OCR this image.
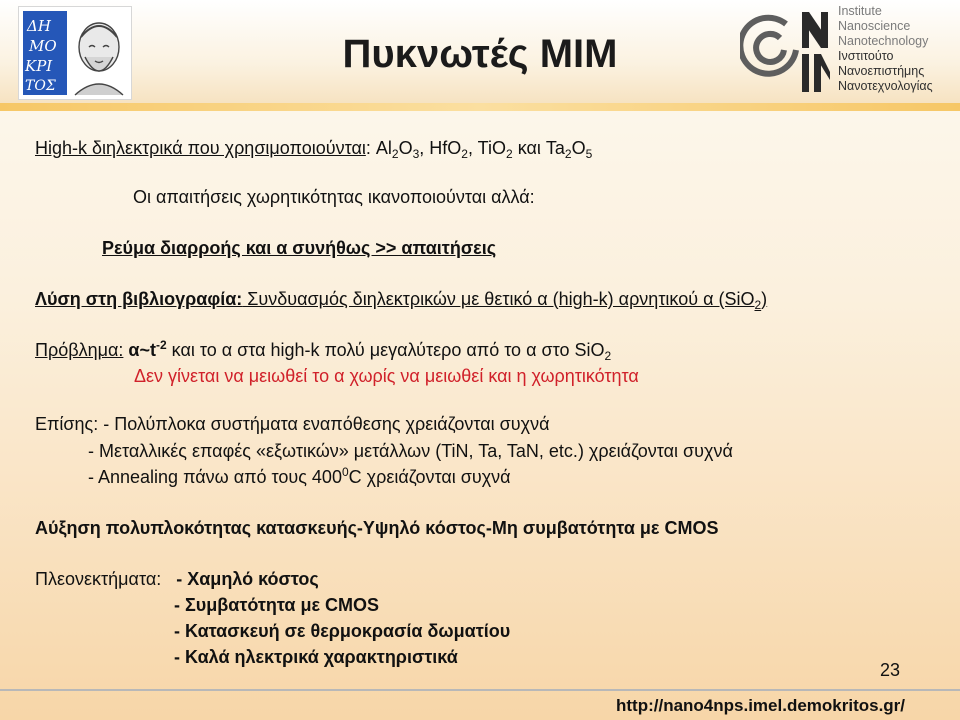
ΔΗ
ΜΟ
ΚΡΙ
ΤΟΣ
Πυκνωτές MIM
Institute
Nanoscience
Nanotechnology
Ινστιτούτο
Νανοεπιστήμης
Νανοτεχνολογίας
High-k διηλεκτρικά που χρησιμοποιούνται: $Al_2O_3$, HfO$_2$, TiO$_2$ και $Ta_2O_5$
Οι απαιτήσεις χωρητικότητας ικανοποιούνται αλλά:
Ρεύμα διαρροής και α συνήθως >> απαιτήσεις
Λύση στη βιβλιογραφία: Συνδυασμός διηλεκτρικών με θετικό α (high-k) αρνητικού α (SiO$_2$)
Πρόβλημα: $\alpha\sim t^{-2}$ και το α στα high-k πολύ μεγαλύτερο από το α στο SiO$_2$
Δεν γίνεται να μειωθεί το α χωρίς να μειωθεί και η χωρητικότητα
Επίσης: - Πολύπλοκα συστήματα εναπόθεσης χρειάζονται συχνά
- Μεταλλικές επαφές «εξωτικών» μετάλλων (TiN, Ta, TaN, etc.) χρειάζονται συχνά
- Annealing πάνω από τους $400^0C$ χρειάζονται συχνά
Αύξηση πολυπλοκότητας κατασκευής-Υψηλό κόστος-Μη συμβατότητα με CMOS
Πλεονεκτήματα:   - Χαμηλό κόστος
- Συμβατότητα με CMOS
- Κατασκευή σε θερμοκρασία δωματίου
- Καλά ηλεκτρικά χαρακτηριστικά
23
http://nano4nps.imel.demokritos.gr/
